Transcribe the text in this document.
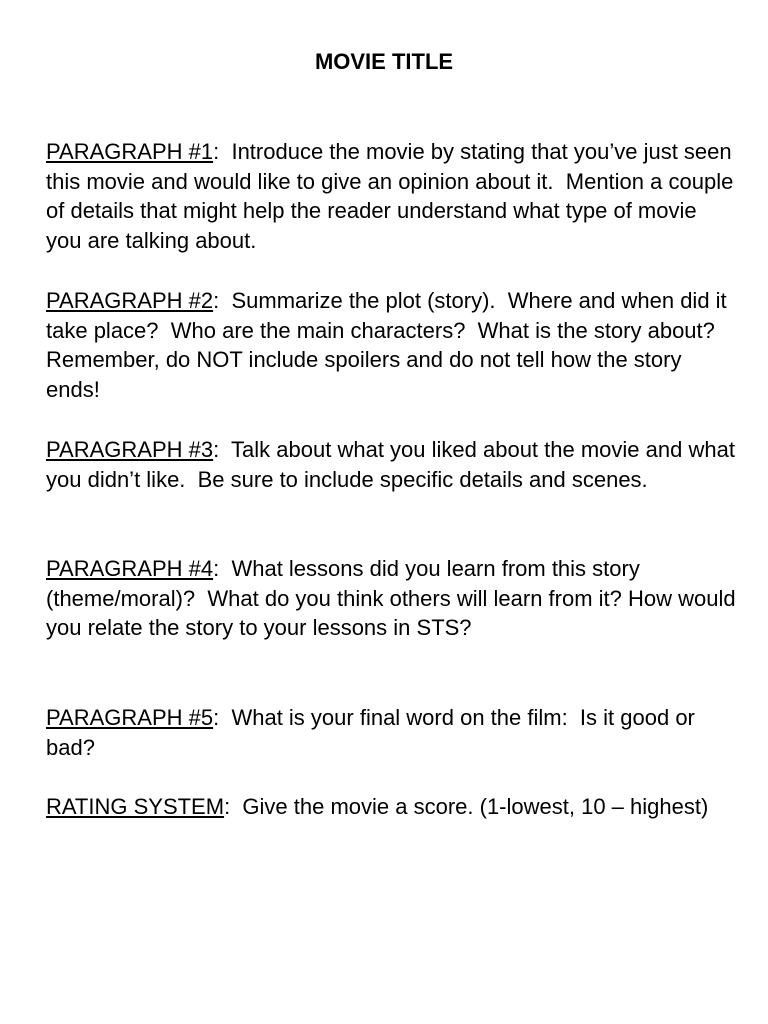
MOVIE TITLE

PARAGRAPH #1:  Introduce the movie by stating that you’ve just seen this movie and would like to give an opinion about it.  Mention a couple of details that might help the reader understand what type of movie you are talking about.

PARAGRAPH #2:  Summarize the plot (story).  Where and when did it take place?  Who are the main characters?  What is the story about?  Remember, do NOT include spoilers and do not tell how the story ends!

PARAGRAPH #3:  Talk about what you liked about the movie and what you didn’t like.  Be sure to include specific details and scenes.

PARAGRAPH #4:  What lessons did you learn from this story (theme/moral)?  What do you think others will learn from it? How would you relate the story to your lessons in STS?

PARAGRAPH #5:  What is your final word on the film:  Is it good or bad?

RATING SYSTEM:  Give the movie a score. (1-lowest, 10 – highest)
